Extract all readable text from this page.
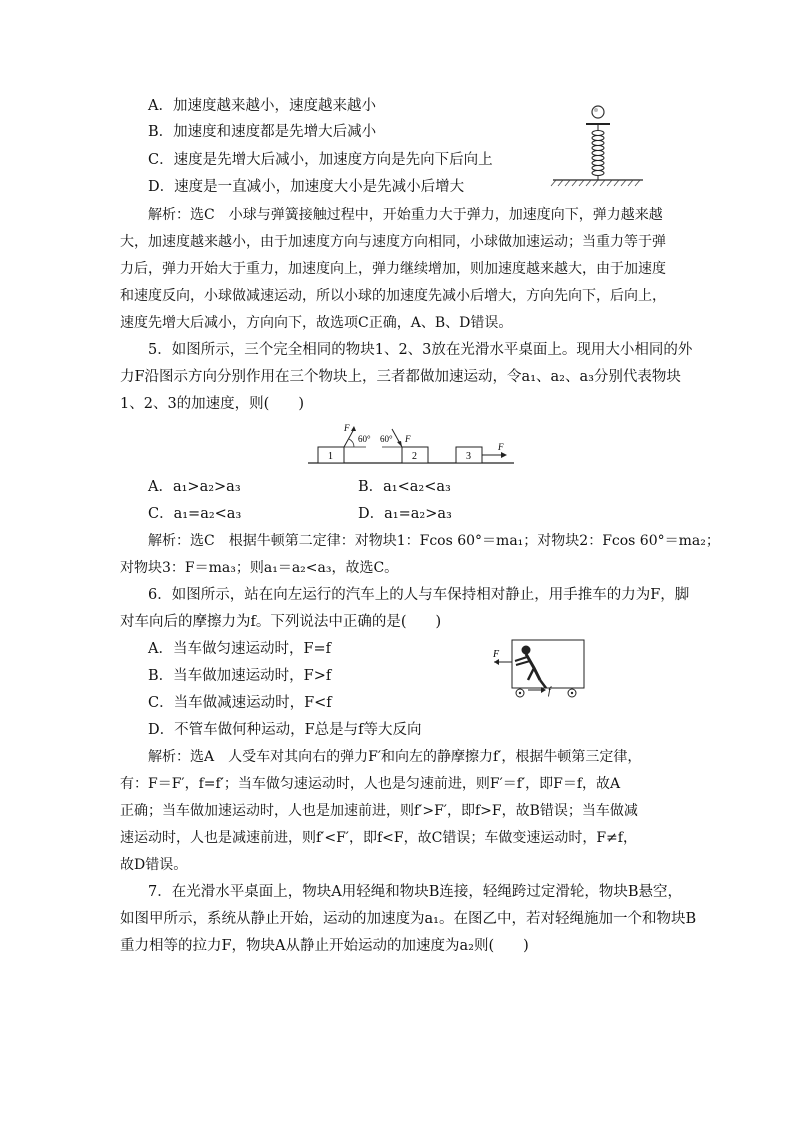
A．加速度越来越小，速度越来越小
B．加速度和速度都是先增大后减小
C．速度是先增大后减小，加速度方向是先向下后向上
D．速度是一直减小，加速度大小是先减小后增大
解析：选C　小球与弹簧接触过程中，开始重力大于弹力，加速度向下，弹力越来越
大，加速度越来越小，由于加速度方向与速度方向相同，小球做加速运动；当重力等于弹
力后，弹力开始大于重力，加速度向上，弹力继续增加，则加速度越来越大，由于加速度
和速度反向，小球做减速运动，所以小球的加速度先减小后增大，方向先向下，后向上，
速度先增大后减小，方向向下，故选项C正确，A、B、D错误。
5．如图所示，三个完全相同的物块1、2、3放在光滑水平桌面上。现用大小相同的外
力F沿图示方向分别作用在三个物块上，三者都做加速运动，令a₁、a₂、a₃分别代表物块
1、2、3的加速度，则(　　)
1
F
60°
2
F
60°
3
F
A．a₁>a₂>a₃	B．a₁<a₂<a₃
C．a₁=a₂<a₃	D．a₁=a₂>a₃
解析：选C　根据牛顿第二定律：对物块1：Fcos 60°＝ma₁；对物块2：Fcos 60°＝ma₂；
对物块3：F＝ma₃；则a₁＝a₂<a₃，故选C。
6．如图所示，站在向左运行的汽车上的人与车保持相对静止，用手推车的力为F，脚
对车向后的摩擦力为f。下列说法中正确的是(　　)
A．当车做匀速运动时，F=f
B．当车做加速运动时，F>f
C．当车做减速运动时，F<f
D．不管车做何种运动，F总是与f等大反向
F
f
解析：选A　人受车对其向右的弹力F′和向左的静摩擦力f′，根据牛顿第三定律，
有：F＝F′，f=f′；当车做匀速运动时，人也是匀速前进，则F′＝f′，即F＝f，故A
正确；当车做加速运动时，人也是加速前进，则f′>F′，即f>F，故B错误；当车做减
速运动时，人也是减速前进，则f′<F′，即f<F，故C错误；车做变速运动时，F≠f，
故D错误。
7．在光滑水平桌面上，物块A用轻绳和物块B连接，轻绳跨过定滑轮，物块B悬空，
如图甲所示，系统从静止开始，运动的加速度为a₁。在图乙中，若对轻绳施加一个和物块B
重力相等的拉力F，物块A从静止开始运动的加速度为a₂则(　　)
